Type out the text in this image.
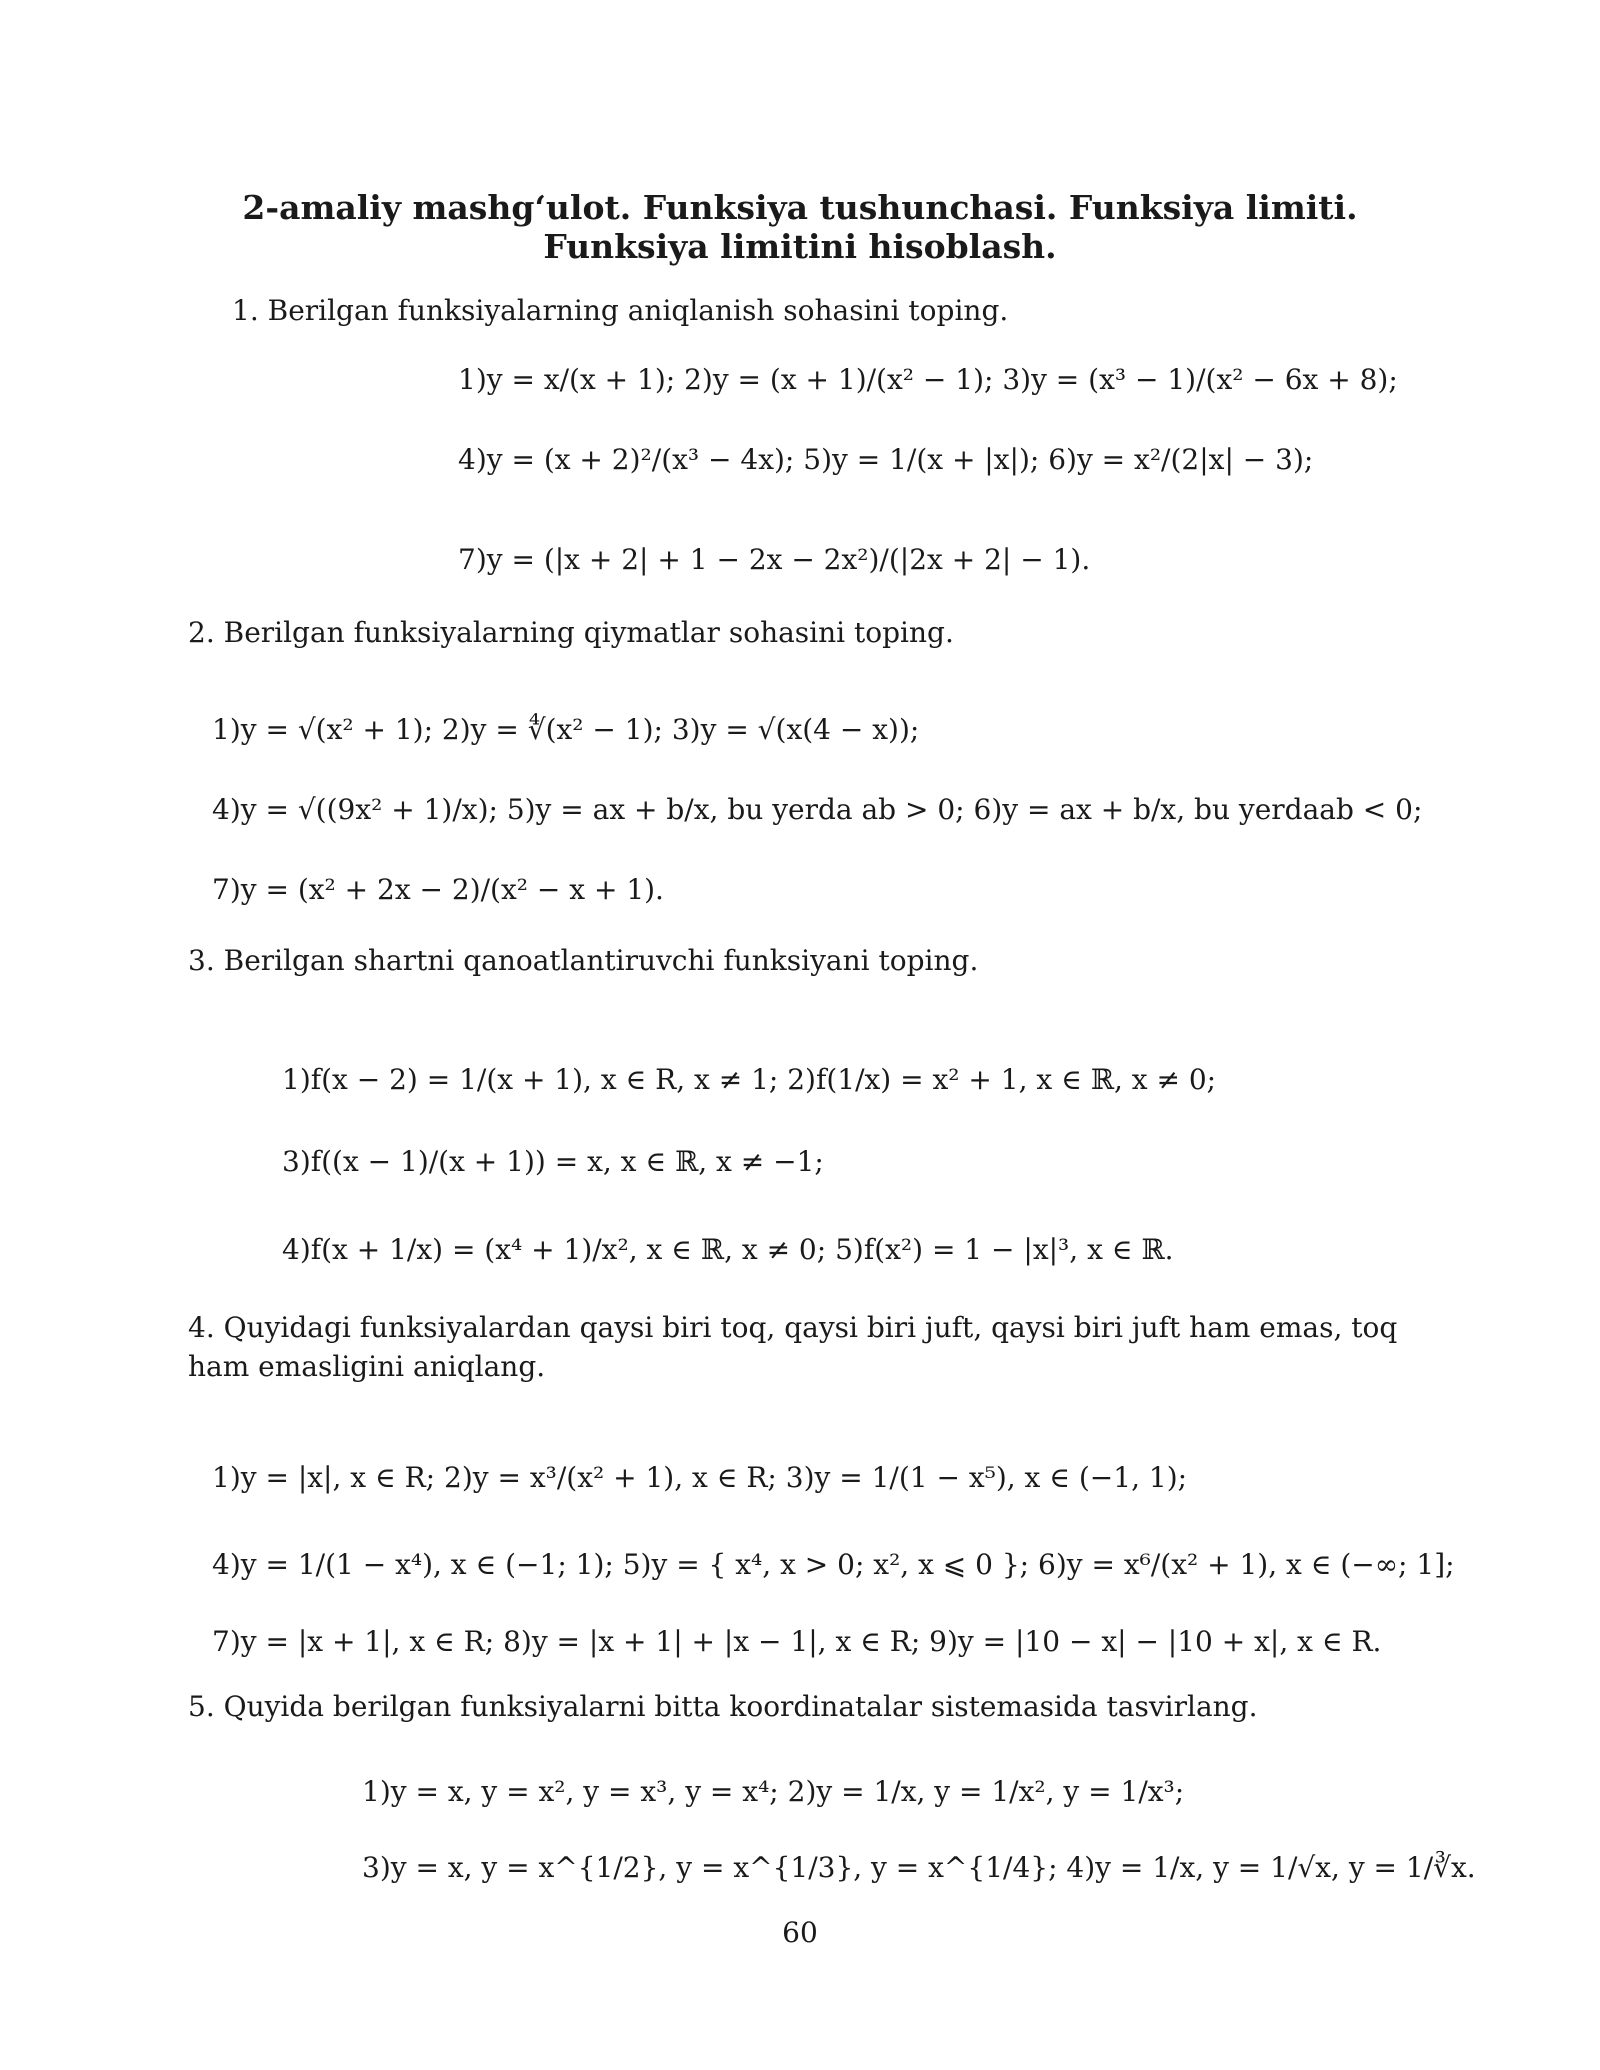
2-amaliy mashg‘ulot. Funksiya tushunchasi. Funksiya limiti.
Funksiya limitini hisoblash.
1. Berilgan funksiyalarning aniqlanish sohasini toping.
1)y = x/(x + 1); 2)y = (x + 1)/(x² − 1); 3)y = (x³ − 1)/(x² − 6x + 8);
4)y = (x + 2)²/(x³ − 4x); 5)y = 1/(x + |x|); 6)y = x²/(2|x| − 3);
7)y = (|x + 2| + 1 − 2x − 2x²)/(|2x + 2| − 1).
2. Berilgan funksiyalarning qiymatlar sohasini toping.
1)y = √(x² + 1); 2)y = ∜(x² − 1); 3)y = √(x(4 − x));
4)y = √((9x² + 1)/x); 5)y = ax + b/x, bu yerda ab > 0; 6)y = ax + b/x, bu yerdaab < 0;
7)y = (x² + 2x − 2)/(x² − x + 1).
3. Berilgan shartni qanoatlantiruvchi funksiyani toping.
1)f(x − 2) = 1/(x + 1), x ∈ R, x ≠ 1; 2)f(1/x) = x² + 1, x ∈ ℝ, x ≠ 0;
3)f((x − 1)/(x + 1)) = x, x ∈ ℝ, x ≠ −1;
4)f(x + 1/x) = (x⁴ + 1)/x², x ∈ ℝ, x ≠ 0; 5)f(x²) = 1 − |x|³, x ∈ ℝ.
4. Quyidagi funksiyalardan qaysi biri toq, qaysi biri juft, qaysi biri juft ham emas, toq ham emasligini aniqlang.
1)y = |x|, x ∈ R; 2)y = x³/(x² + 1), x ∈ R; 3)y = 1/(1 − x⁵), x ∈ (−1, 1);
4)y = 1/(1 − x⁴), x ∈ (−1; 1); 5)y = { x⁴, x > 0; x², x ⩽ 0 }; 6)y = x⁶/(x² + 1), x ∈ (−∞; 1];
7)y = |x + 1|, x ∈ R; 8)y = |x + 1| + |x − 1|, x ∈ R; 9)y = |10 − x| − |10 + x|, x ∈ R.
5. Quyida berilgan funksiyalarni bitta koordinatalar sistemasida tasvirlang.
1)y = x, y = x², y = x³, y = x⁴; 2)y = 1/x, y = 1/x², y = 1/x³;
3)y = x, y = x^{1/2}, y = x^{1/3}, y = x^{1/4}; 4)y = 1/x, y = 1/√x, y = 1/∛x.
60
